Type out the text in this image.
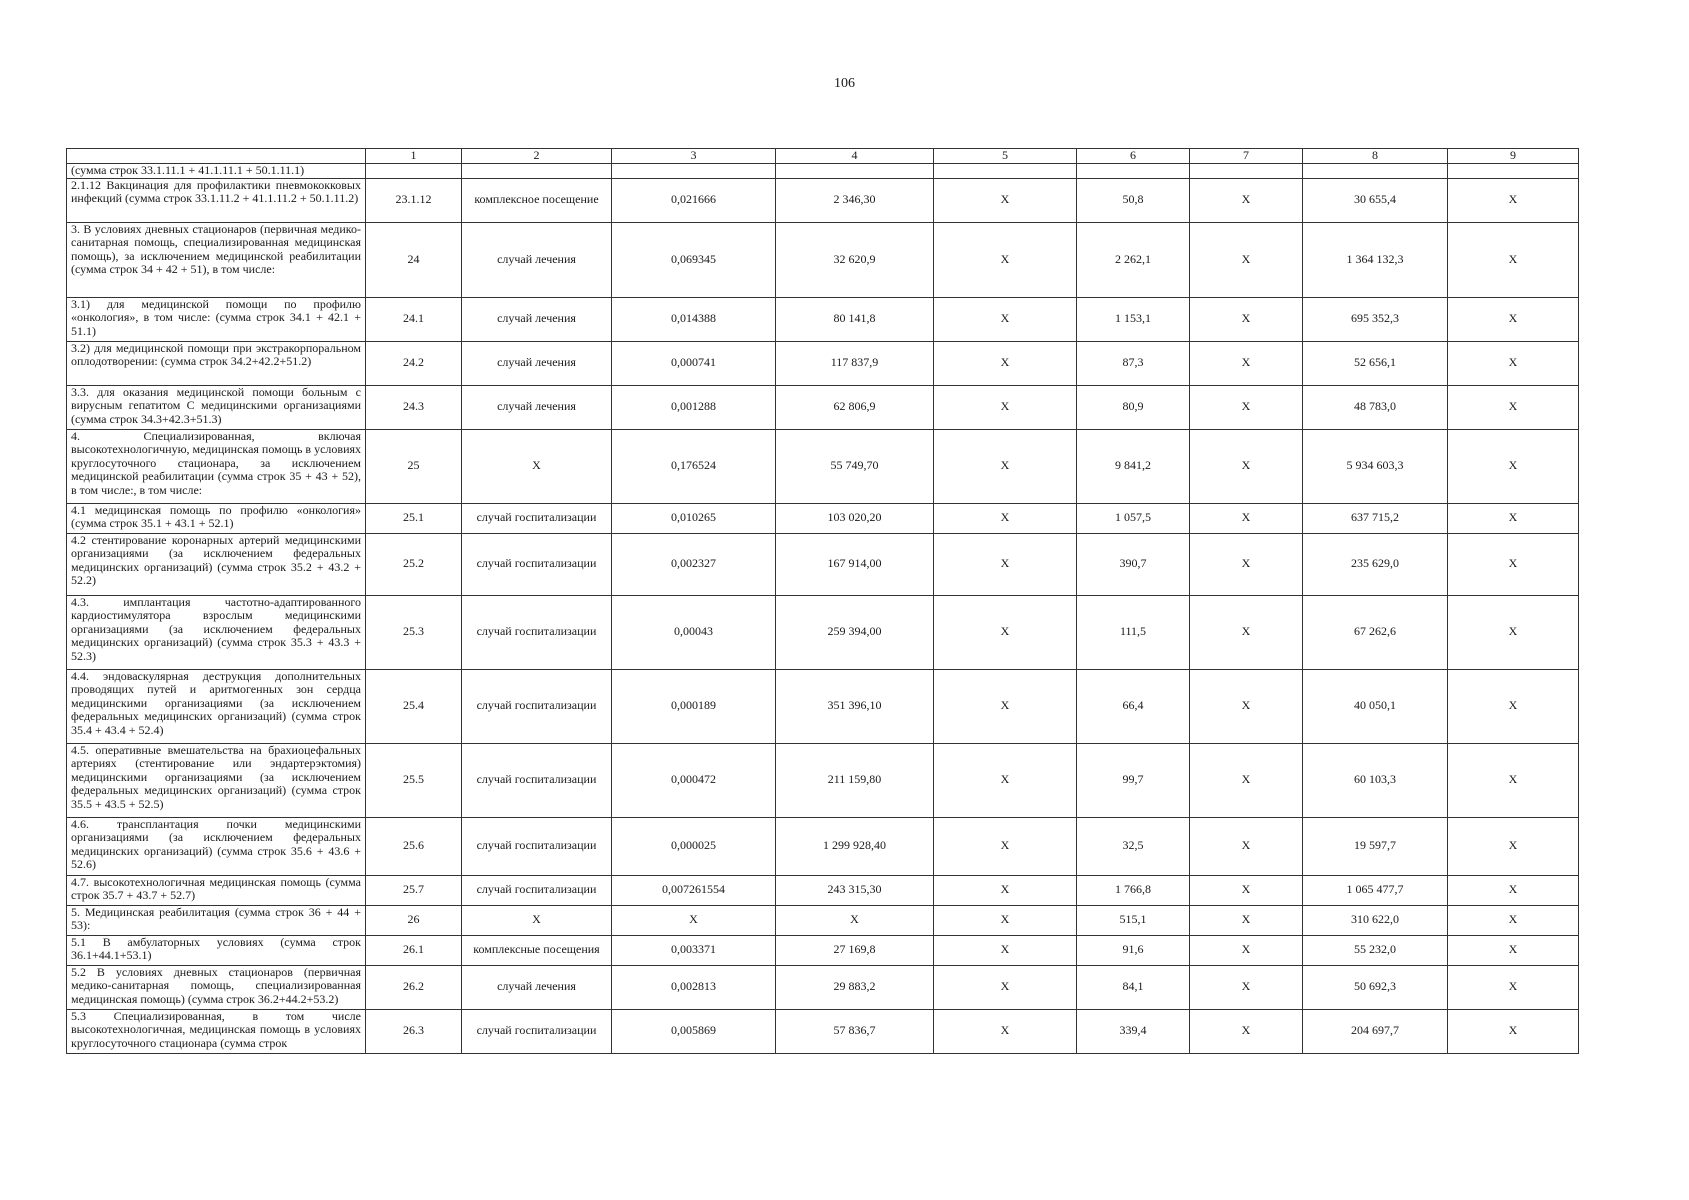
106
	1	2	3	4	5	6	7	8	9
(сумма строк 33.1.11.1 + 41.1.11.1 + 50.1.11.1)									
2.1.12 Вакцинация для профилактики пневмококковых инфекций (сумма строк 33.1.11.2 + 41.1.11.2 + 50.1.11.2)	23.1.12	комплексное посещение	0,021666	2 346,30	X	50,8	X	30 655,4	X
3. В условиях дневных стационаров (первичная медико-санитарная помощь, специализированная медицинская помощь), за исключением медицинской реабилитации (сумма строк 34 + 42 + 51), в том числе:	24	случай лечения	0,069345	32 620,9	X	2 262,1	X	1 364 132,3	X
3.1) для медицинской помощи по профилю «онкология», в том числе: (сумма строк 34.1 + 42.1 + 51.1)	24.1	случай лечения	0,014388	80 141,8	X	1 153,1	X	695 352,3	X
3.2) для медицинской помощи при экстракорпоральном оплодотворении: (сумма строк 34.2+42.2+51.2)	24.2	случай лечения	0,000741	117 837,9	X	87,3	X	52 656,1	X
3.3. для оказания медицинской помощи больным с вирусным гепатитом С медицинскими организациями (сумма строк 34.3+42.3+51.3)	24.3	случай лечения	0,001288	62 806,9	X	80,9	X	48 783,0	X
4. Специализированная, включая высокотехнологичную, медицинская помощь в условиях круглосуточного стационара, за исключением медицинской реабилитации (сумма строк 35 + 43 + 52), в том числе:, в том числе:	25	X	0,176524	55 749,70	X	9 841,2	X	5 934 603,3	X
4.1 медицинская помощь по профилю «онкология» (сумма строк 35.1 + 43.1 + 52.1)	25.1	случай госпитализации	0,010265	103 020,20	X	1 057,5	X	637 715,2	X
4.2 стентирование коронарных артерий медицинскими организациями (за исключением федеральных медицинских организаций) (сумма строк 35.2 + 43.2 + 52.2)	25.2	случай госпитализации	0,002327	167 914,00	X	390,7	X	235 629,0	X
4.3. имплантация частотно-адаптированного кардиостимулятора взрослым медицинскими организациями (за исключением федеральных медицинских организаций) (сумма строк 35.3 + 43.3 + 52.3)	25.3	случай госпитализации	0,00043	259 394,00	X	111,5	X	67 262,6	X
4.4. эндоваскулярная деструкция дополнительных проводящих путей и аритмогенных зон сердца медицинскими организациями (за исключением федеральных медицинских организаций) (сумма строк 35.4 + 43.4 + 52.4)	25.4	случай госпитализации	0,000189	351 396,10	X	66,4	X	40 050,1	X
4.5. оперативные вмешательства на брахиоцефальных артериях (стентирование или эндартерэктомия) медицинскими организациями (за исключением федеральных медицинских организаций) (сумма строк 35.5 + 43.5 + 52.5)	25.5	случай госпитализации	0,000472	211 159,80	X	99,7	X	60 103,3	X
4.6. трансплантация почки медицинскими организациями (за исключением федеральных медицинских организаций) (сумма строк 35.6 + 43.6 + 52.6)	25.6	случай госпитализации	0,000025	1 299 928,40	X	32,5	X	19 597,7	X
4.7. высокотехнологичная медицинская помощь (сумма строк 35.7 + 43.7 + 52.7)	25.7	случай госпитализации	0,007261554	243 315,30	X	1 766,8	X	1 065 477,7	X
5. Медицинская реабилитация (сумма строк 36 + 44 + 53):	26	X	X	X	X	515,1	X	310 622,0	X
5.1 В амбулаторных условиях (сумма строк 36.1+44.1+53.1)	26.1	комплексные посещения	0,003371	27 169,8	X	91,6	X	55 232,0	X
5.2 В условиях дневных стационаров (первичная медико-санитарная помощь, специализированная медицинская помощь) (сумма строк 36.2+44.2+53.2)	26.2	случай лечения	0,002813	29 883,2	X	84,1	X	50 692,3	X
5.3 Специализированная, в том числе высокотехнологичная, медицинская помощь в условиях круглосуточного стационара (сумма строк	26.3	случай госпитализации	0,005869	57 836,7	X	339,4	X	204 697,7	X
